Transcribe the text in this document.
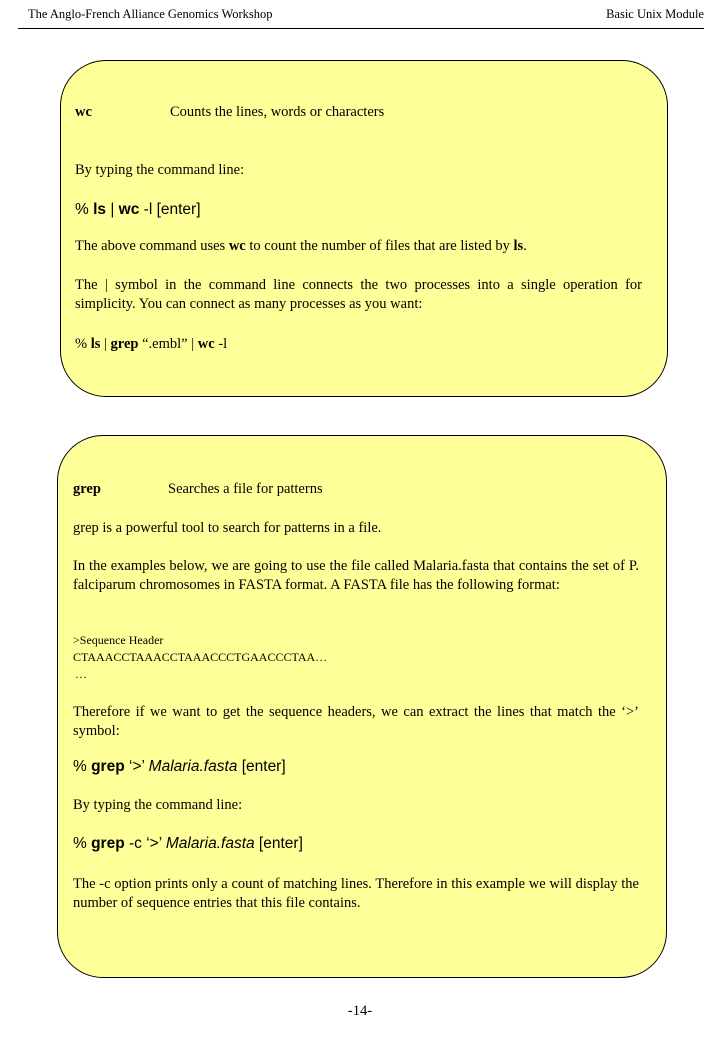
The Anglo-French Alliance Genomics Workshop	Basic Unix Module
wc	Counts the lines, words or characters
By typing the command line:
% ls | wc -l [enter]
The above command uses wc to count the number of files that are listed by ls.
The | symbol in the command line connects the two processes into a single operation for simplicity. You can connect as many processes as you want:
% ls | grep “.embl” | wc -l
grep	Searches a file for patterns
grep is a powerful tool to search for patterns in a file.
In the examples below, we are going to use the file called Malaria.fasta that contains the set of P. falciparum chromosomes in FASTA format. A FASTA file has the following format:
>Sequence Header
CTAAACCTAAACCTAAACCCTGAACCCTAA…
…
Therefore if we want to get the sequence headers, we can extract the lines that match the ‘>’ symbol:
% grep ‘>’ Malaria.fasta [enter]
By typing the command line:
% grep -c ‘>’ Malaria.fasta [enter]
The -c option prints only a count of matching lines. Therefore in this example we will display the number of sequence entries that this file contains.
-14-
